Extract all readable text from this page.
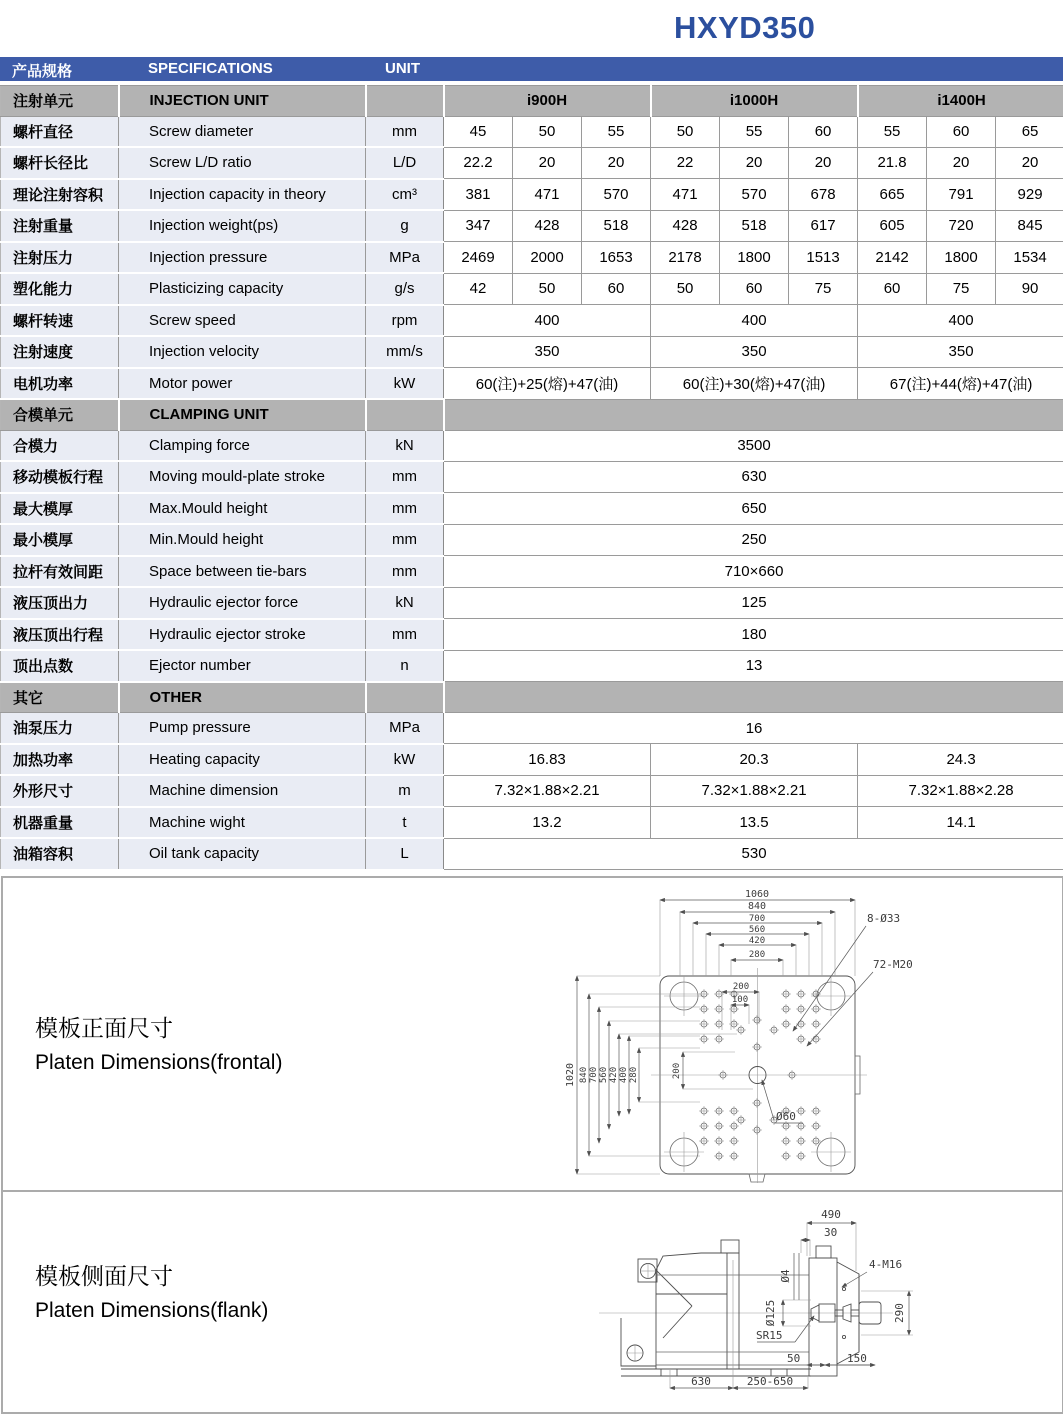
HXYD350
产品规格	SPECIFICATIONS	UNIT
注射单元	INJECTION UNIT		i900H			i1000H			i1400H		
螺杆直径	Screw diameter	mm	45	50	55	50	55	60	55	60	65
螺杆长径比	Screw L/D ratio	L/D	22.2	20	20	22	20	20	21.8	20	20
理论注射容积	Injection capacity in theory	cm³	381	471	570	471	570	678	665	791	929
注射重量	Injection weight(ps)	g	347	428	518	428	518	617	605	720	845
注射压力	Injection pressure	MPa	2469	2000	1653	2178	1800	1513	2142	1800	1534
塑化能力	Plasticizing capacity	g/s	42	50	60	50	60	75	60	75	90
螺杆转速	Screw speed	rpm	400			400			400		
注射速度	Injection velocity	mm/s	350			350			350		
电机功率	Motor power	kW	60(注)+25(熔)+47(油)			60(注)+30(熔)+47(油)			67(注)+44(熔)+47(油)		
合模单元	CLAMPING UNIT										
合模力	Clamping force	kN	3500								
移动模板行程	Moving mould-plate stroke	mm	630								
最大模厚	Max.Mould height	mm	650								
最小模厚	Min.Mould height	mm	250								
拉杆有效间距	Space between tie-bars	mm	710×660								
液压顶出力	Hydraulic ejector force	kN	125								
液压顶出行程	Hydraulic ejector stroke	mm	180								
顶出点数	Ejector number	n	13								
其它	OTHER										
油泵压力	Pump pressure	MPa	16								
加热功率	Heating capacity	kW	16.83			20.3			24.3		
外形尺寸	Machine dimension	m	7.32×1.88×2.21			7.32×1.88×2.21			7.32×1.88×2.28		
机器重量	Machine wight	t	13.2			13.5			14.1		
油箱容积	Oil tank capacity	L	530								

模板正面尺寸

Platen Dimensions(frontal)

1060
840
700
560
420
280
1020 840 700 560 420 400 280
200
100
200
8-Ø33
72-M20
Ø60

模板侧面尺寸

Platen Dimensions(flank)

490
30
4-M16
290
Ø125
Ø4
SR15
50	150
630	250-650
